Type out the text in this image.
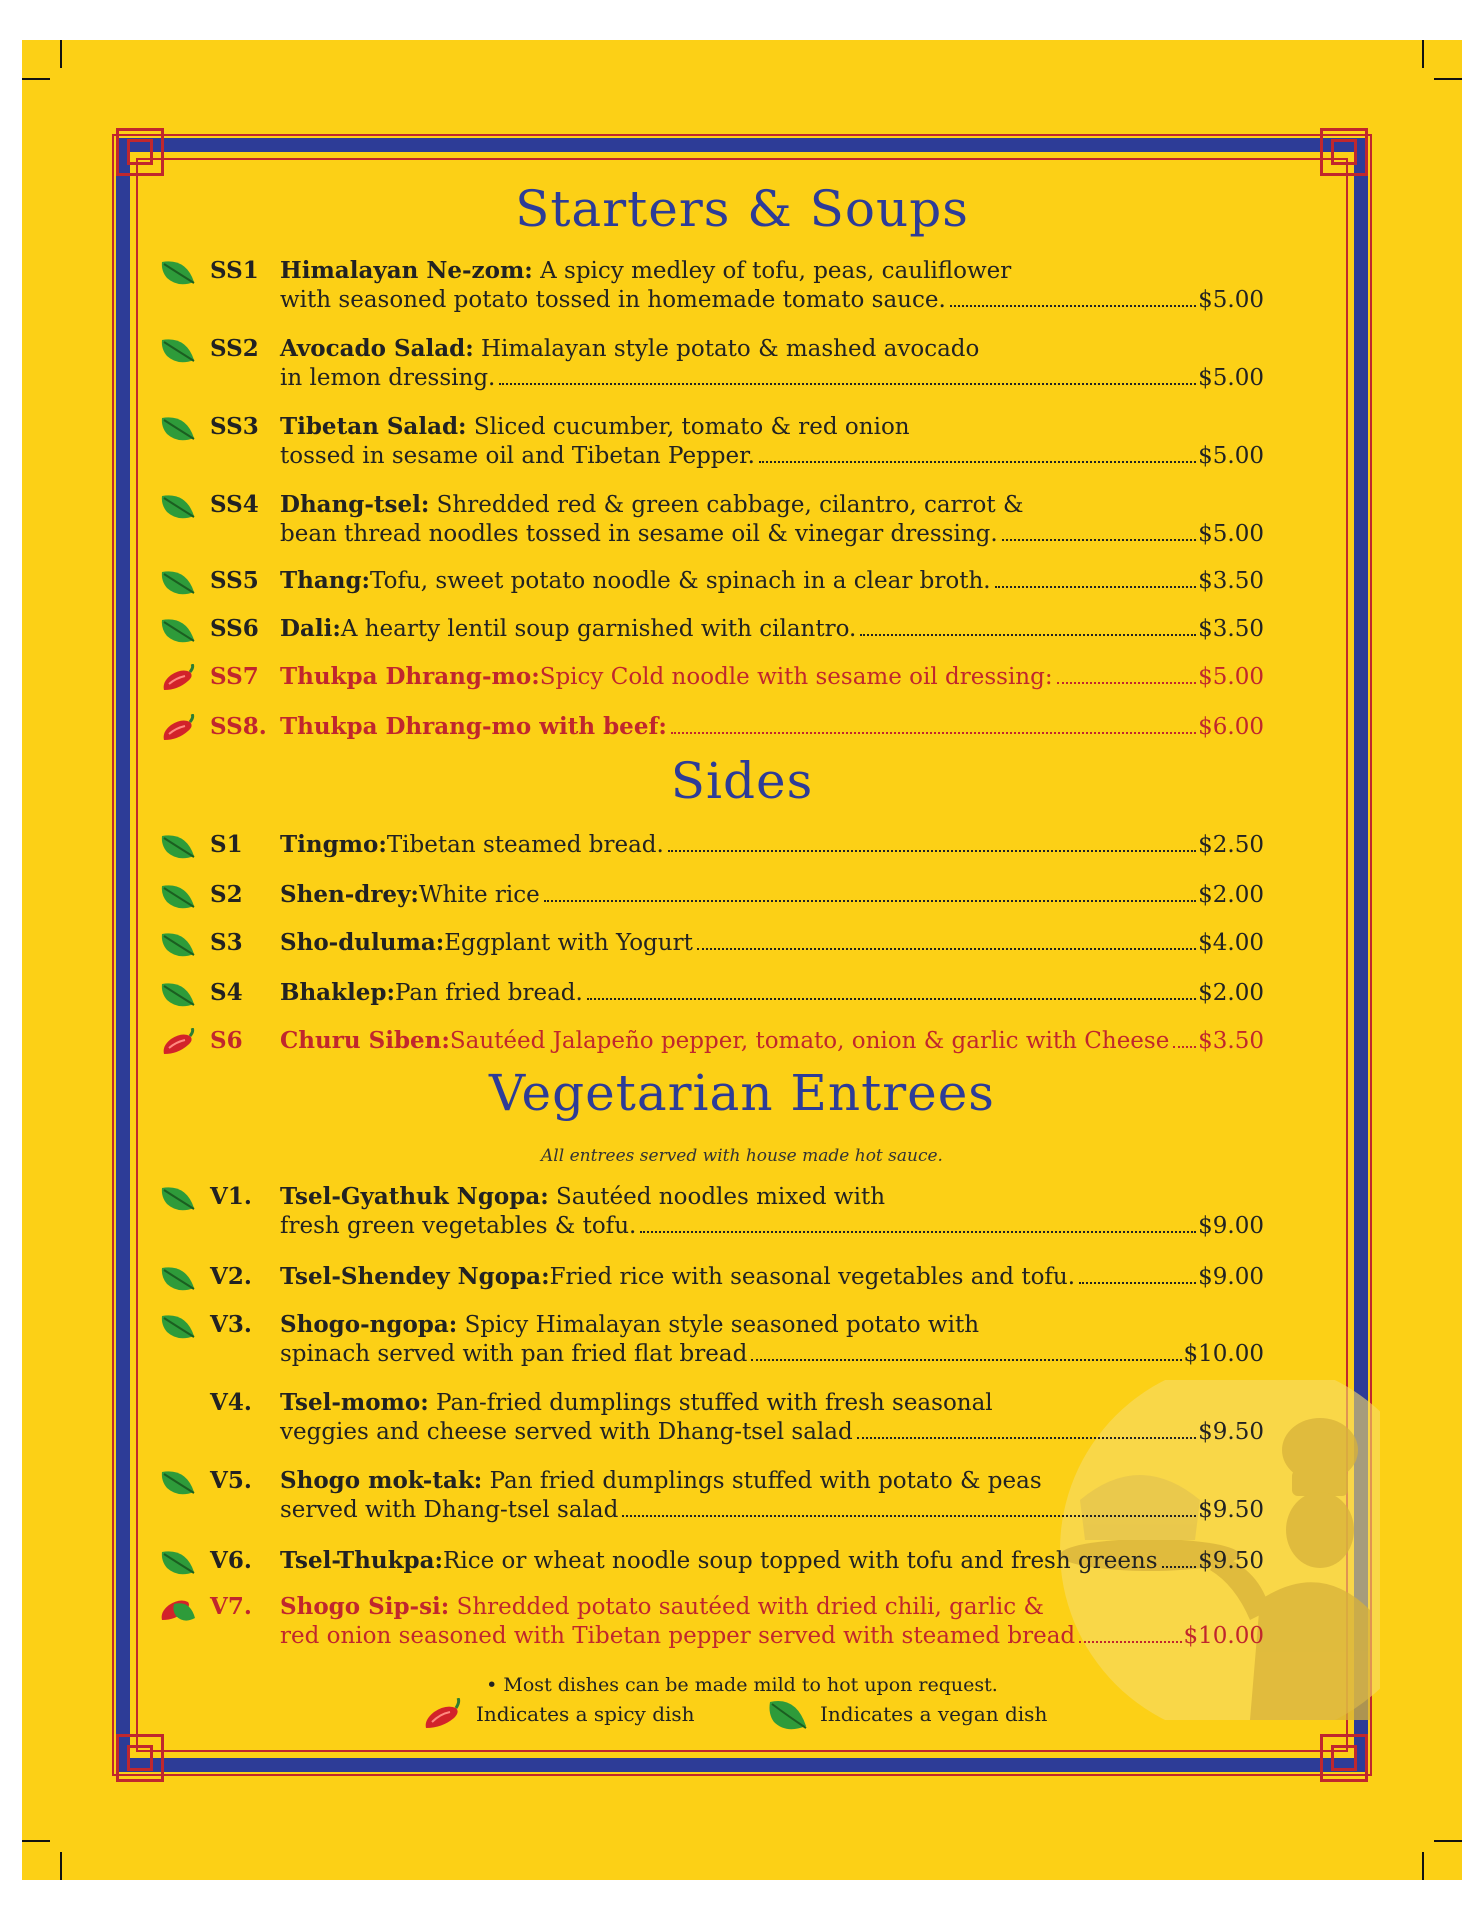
Starters & Soups
Sides
Vegetarian Entrees
All entrees served with house made hot sauce.
SS1 Himalayan Ne-zom: A spicy medley of tofu, peas, cauliflower
with seasoned potato tossed in homemade tomato sauce.	$5.00
SS2 Avocado Salad: Himalayan style potato & mashed avocado
in lemon dressing.	$5.00
SS3 Tibetan Salad: Sliced cucumber, tomato & red onion
tossed in sesame oil and Tibetan Pepper.	$5.00
SS4 Dhang-tsel: Shredded red & green cabbage, cilantro, carrot &
bean thread noodles tossed in sesame oil & vinegar dressing.	$5.00
SS5 Thang: Tofu, sweet potato noodle & spinach in a clear broth.	$3.50
SS6 Dali: A hearty lentil soup garnished with cilantro.	$3.50
SS7 Thukpa Dhrang-mo: Spicy Cold noodle with sesame oil dressing:	$5.00
SS8. Thukpa Dhrang-mo with beef:	$6.00
S1 Tingmo: Tibetan steamed bread.	$2.50
S2 Shen-drey: White rice	$2.00
S3 Sho-duluma: Eggplant with Yogurt	$4.00
S4 Bhaklep: Pan fried bread.	$2.00
S6 Churu Siben: Sautéed Jalapeño pepper, tomato, onion & garlic with Cheese $3.50
V1. Tsel-Gyathuk Ngopa: Sautéed noodles mixed with
fresh green vegetables & tofu.	$9.00
V2. Tsel-Shendey Ngopa: Fried rice with seasonal vegetables and tofu.	$9.00
V3. Shogo-ngopa: Spicy Himalayan style seasoned potato with
spinach served with pan fried flat bread	$10.00
V4. Tsel-momo: Pan-fried dumplings stuffed with fresh seasonal
veggies and cheese served with Dhang-tsel salad	$9.50
V5. Shogo mok-tak: Pan fried dumplings stuffed with potato & peas
served with Dhang-tsel salad	$9.50
V6. Tsel-Thukpa: Rice or wheat noodle soup topped with tofu and fresh greens $9.50
V7. Shogo Sip-si: Shredded potato sautéed with dried chili, garlic &
red onion seasoned with Tibetan pepper served with steamed bread	$10.00
• Most dishes can be made mild to hot upon request.
Indicates a spicy dish	Indicates a vegan dish
